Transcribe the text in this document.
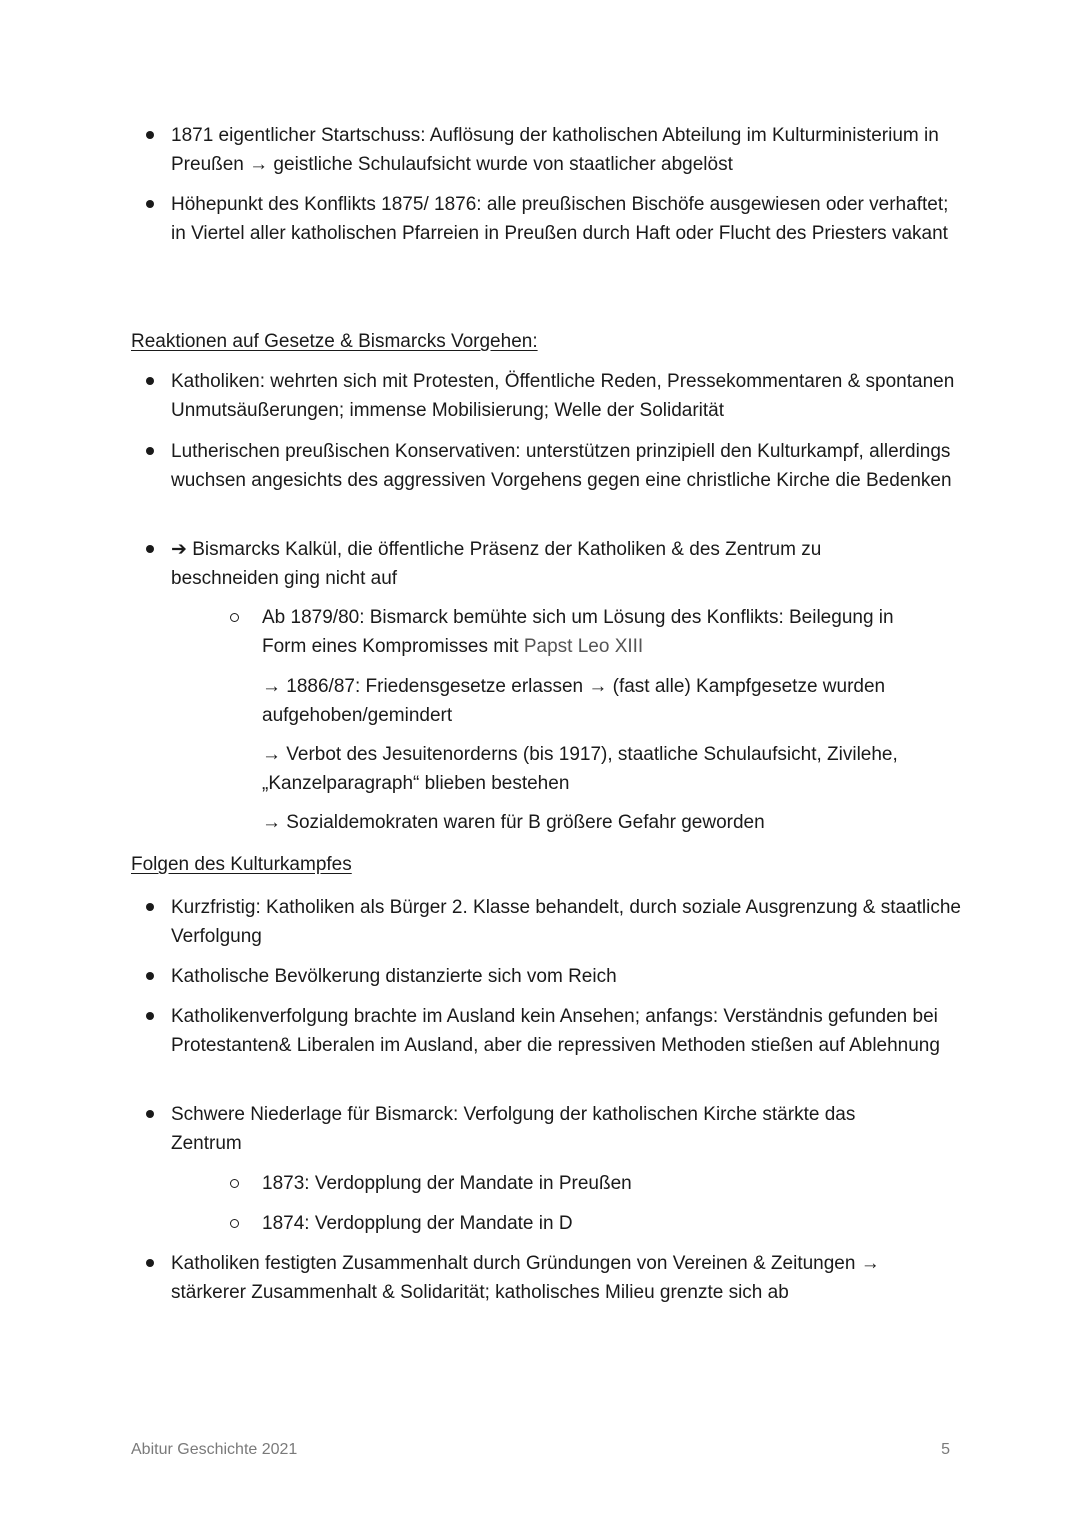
1871 eigentlicher Startschuss: Auflösung der katholischen Abteilung im Kulturministerium in Preußen → geistliche Schulaufsicht wurde von staatlicher abgelöst
Höhepunkt des Konflikts 1875/ 1876: alle preußischen Bischöfe ausgewiesen oder verhaftet; in Viertel aller katholischen Pfarreien in Preußen durch Haft oder Flucht des Priesters vakant
Reaktionen auf Gesetze & Bismarcks Vorgehen:
Katholiken: wehrten sich mit Protesten, Öffentliche Reden, Pressekommentaren & spontanen Unmutsäußerungen; immense Mobilisierung; Welle der Solidarität
Lutherischen preußischen Konservativen: unterstützen prinzipiell den Kulturkampf, allerdings wuchsen angesichts des aggressiven Vorgehens gegen eine christliche Kirche die Bedenken
➔ Bismarcks Kalkül, die öffentliche Präsenz der Katholiken & des Zentrum zu beschneiden ging nicht auf
Ab 1879/80: Bismarck bemühte sich um Lösung des Konflikts: Beilegung in Form eines Kompromisses mit Papst Leo XIII
→ 1886/87: Friedensgesetze erlassen → (fast alle) Kampfgesetze wurden aufgehoben/gemindert
→ Verbot des Jesuitenorderns (bis 1917), staatliche Schulaufsicht, Zivilehe, „Kanzelparagraph“ blieben bestehen
→ Sozialdemokraten waren für B größere Gefahr geworden
Folgen des Kulturkampfes
Kurzfristig: Katholiken als Bürger 2. Klasse behandelt, durch soziale Ausgrenzung & staatliche Verfolgung
Katholische Bevölkerung distanzierte sich vom Reich
Katholikenverfolgung brachte im Ausland kein Ansehen; anfangs: Verständnis gefunden bei Protestanten& Liberalen im Ausland, aber die repressiven Methoden stießen auf Ablehnung
Schwere Niederlage für Bismarck: Verfolgung der katholischen Kirche stärkte das Zentrum
1873: Verdopplung der Mandate in Preußen
1874: Verdopplung der Mandate in D
Katholiken festigten Zusammenhalt durch Gründungen von Vereinen & Zeitungen → stärkerer Zusammenhalt & Solidarität; katholisches Milieu grenzte sich ab
Abitur Geschichte 2021	5
